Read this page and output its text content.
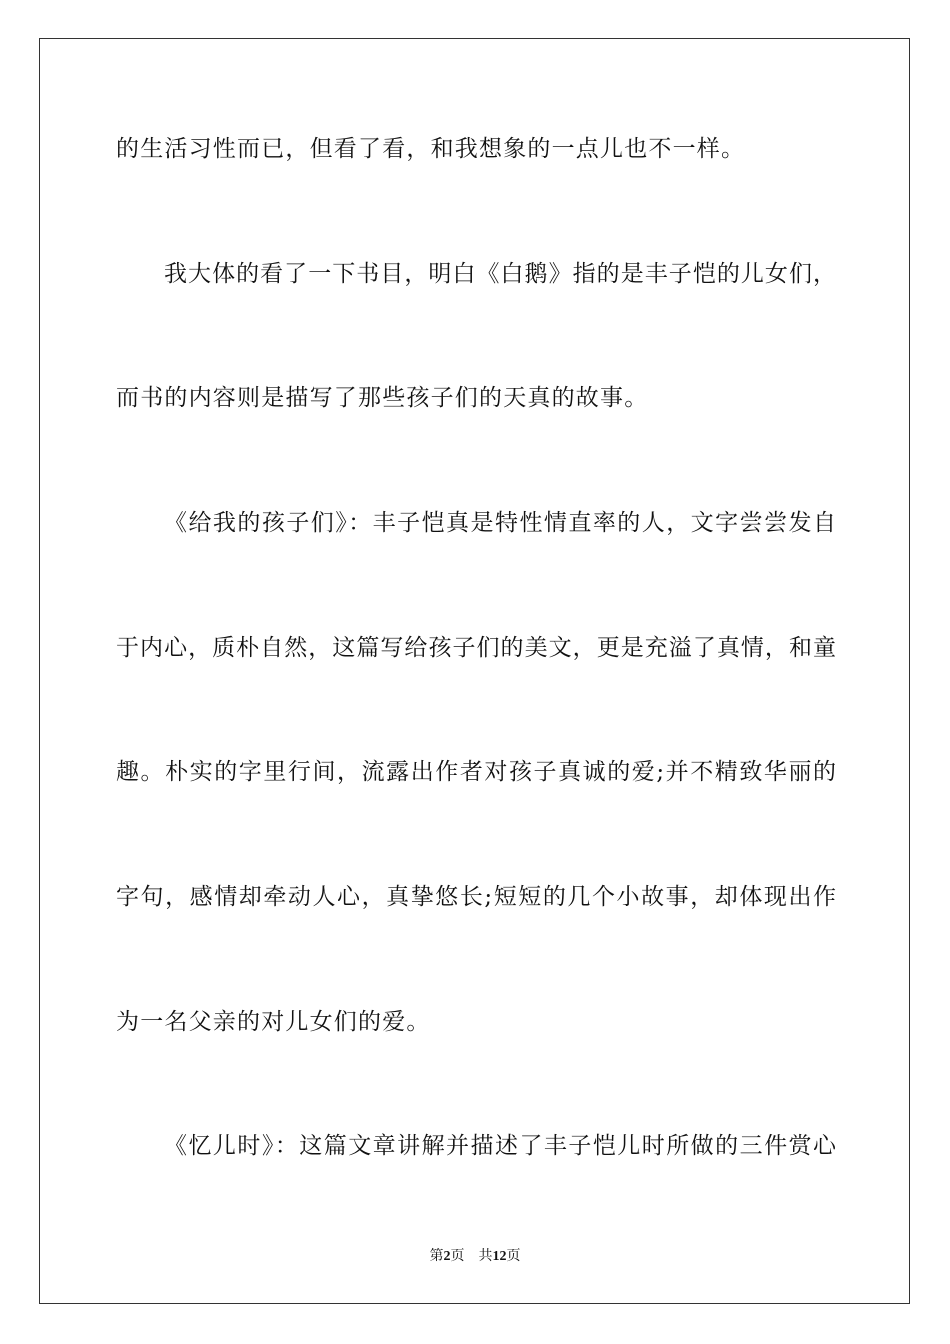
的生活习性而已，但看了看，和我想象的一点儿也不一样。
我大体的看了一下书目，明白《白鹅》指的是丰子恺的儿女们，
而书的内容则是描写了那些孩子们的天真的故事。
《给我的孩子们》：丰子恺真是特性情直率的人，文字尝尝发自
于内心，质朴自然，这篇写给孩子们的美文，更是充溢了真情，和童
趣。朴实的字里行间，流露出作者对孩子真诚的爱;并不精致华丽的
字句，感情却牵动人心，真挚悠长;短短的几个小故事，却体现出作
为一名父亲的对儿女们的爱。
《忆儿时》：这篇文章讲解并描述了丰子恺儿时所做的三件赏心
第2页 共12页
